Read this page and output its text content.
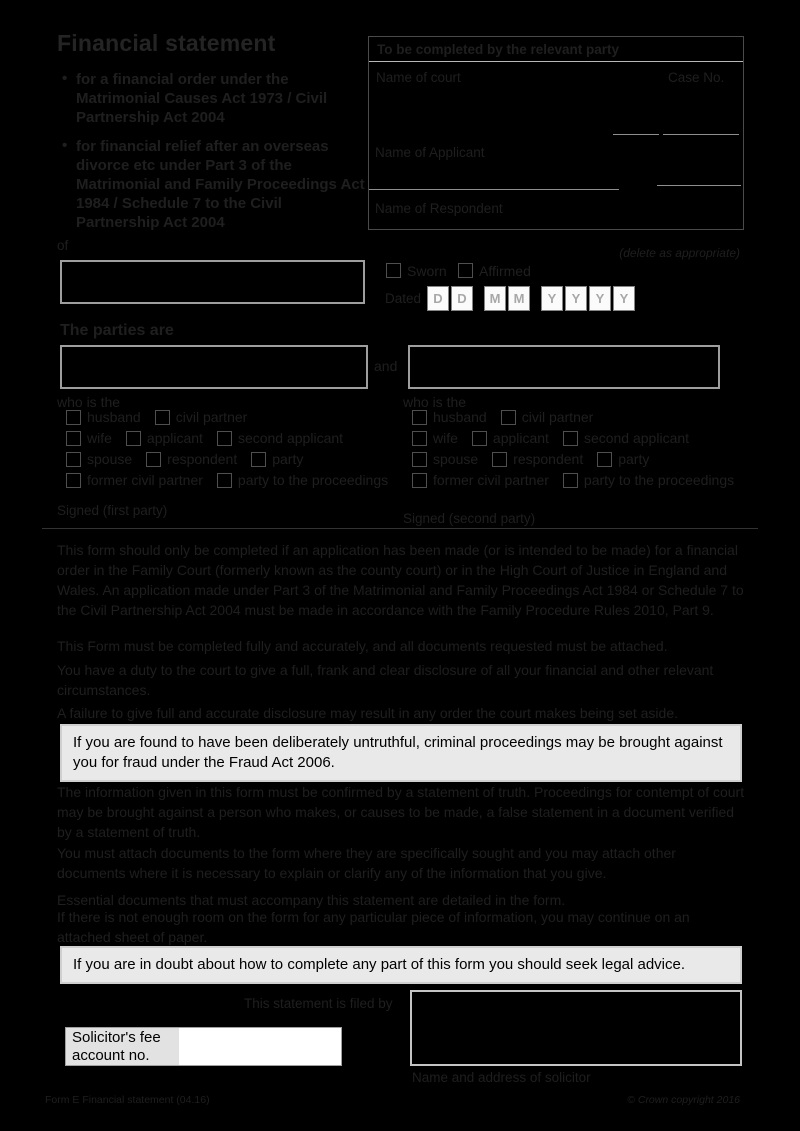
Financial statement
• for a financial order under the Matrimonial Causes Act 1973 / Civil Partnership Act 2004
• for financial relief after an overseas divorce etc under Part 3 of the Matrimonial and Family Proceedings Act 1984 / Schedule 7 to the Civil Partnership Act 2004
To be completed by the relevant party
Name of court	Case No.
Name of Applicant
Name of Respondent
of	(delete as appropriate)
Sworn	Affirmed
Dated D D M M Y Y Y Y
The parties are
and
who is the	who is the
husband	civil partner
wife	applicant	second applicant
spouse	respondent	party
former civil partner	party to the proceedings
husband	civil partner
wife	applicant	second applicant
spouse	respondent	party
former civil partner	party to the proceedings
Signed (first party)
Signed (second party)
This form should only be completed if an application has been made (or is intended to be made) for a financial order in the Family Court (formerly known as the county court) or in the High Court of Justice in England and Wales. An application made under Part 3 of the Matrimonial and Family Proceedings Act 1984 or Schedule 7 to the Civil Partnership Act 2004 must be made in accordance with the Family Procedure Rules 2010, Part 9.
This Form must be completed fully and accurately, and all documents requested must be attached.
You have a duty to the court to give a full, frank and clear disclosure of all your financial and other relevant circumstances.
A failure to give full and accurate disclosure may result in any order the court makes being set aside.
If you are found to have been deliberately untruthful, criminal proceedings may be brought against you for fraud under the Fraud Act 2006.
The information given in this form must be confirmed by a statement of truth. Proceedings for contempt of court may be brought against a person who makes, or causes to be made, a false statement in a document verified by a statement of truth.
You must attach documents to the form where they are specifically sought and you may attach other documents where it is necessary to explain or clarify any of the information that you give.
Essential documents that must accompany this statement are detailed in the form.
If there is not enough room on the form for any particular piece of information, you may continue on an attached sheet of paper.
If you are in doubt about how to complete any part of this form you should seek legal advice.
This statement is filed by
Name and address of solicitor
Solicitor's fee account no.
Form E Financial statement (04.16)	© Crown copyright 2016
